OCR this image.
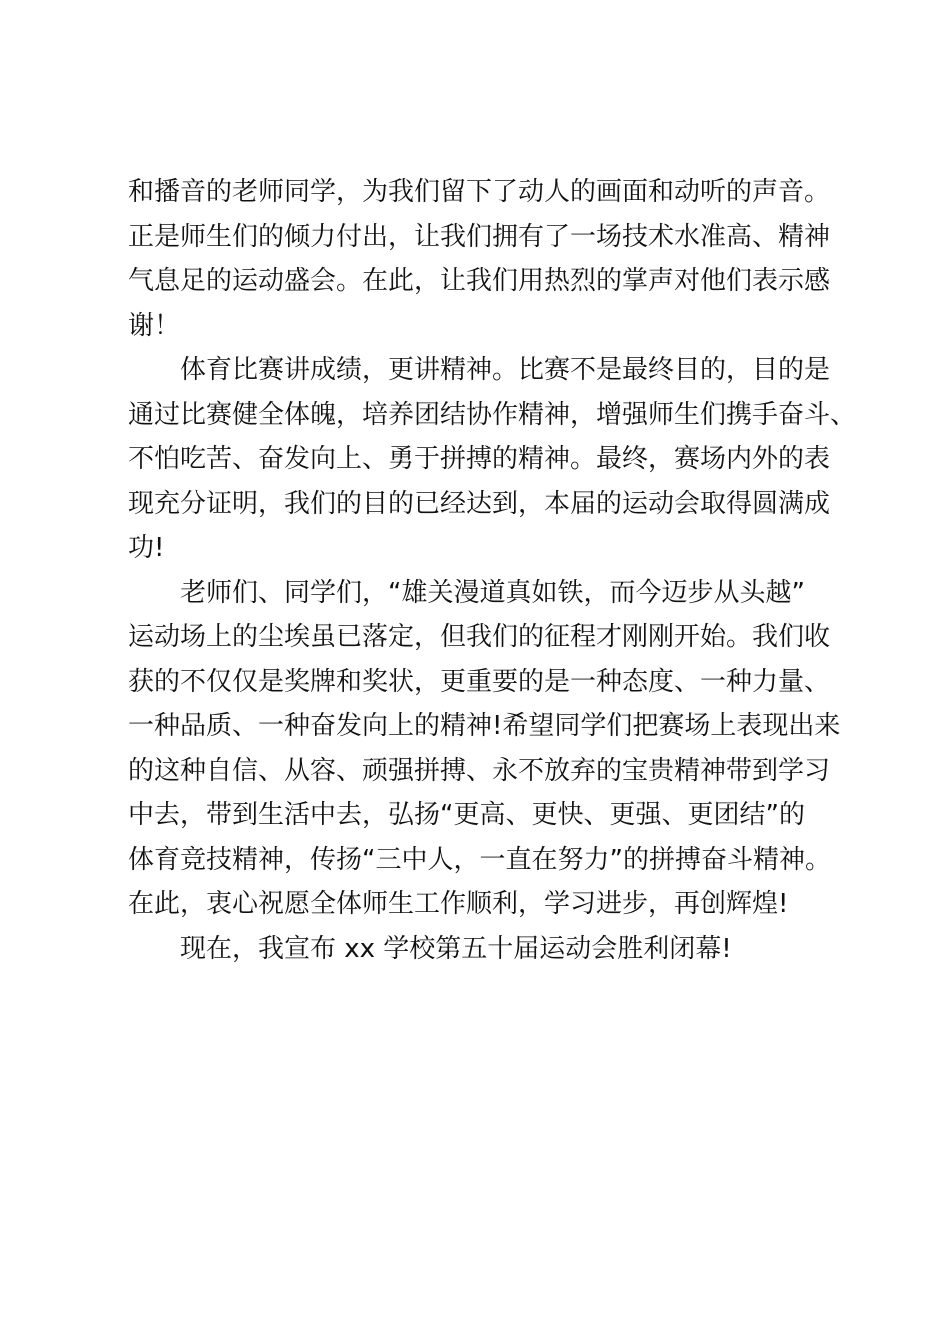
和播音的老师同学，为我们留下了动人的画面和动听的声音。
正是师生们的倾力付出，让我们拥有了一场技术水准高、精神
气息足的运动盛会。在此，让我们用热烈的掌声对他们表示感
谢！
体育比赛讲成绩，更讲精神。比赛不是最终目的，目的是
通过比赛健全体魄，培养团结协作精神，增强师生们携手奋斗、
不怕吃苦、奋发向上、勇于拼搏的精神。最终，赛场内外的表
现充分证明，我们的目的已经达到，本届的运动会取得圆满成
功!
老师们、同学们，“雄关漫道真如铁，而今迈步从头越”
运动场上的尘埃虽已落定，但我们的征程才刚刚开始。我们收
获的不仅仅是奖牌和奖状，更重要的是一种态度、一种力量、
一种品质、一种奋发向上的精神!希望同学们把赛场上表现出来
的这种自信、从容、顽强拼搏、永不放弃的宝贵精神带到学习
中去，带到生活中去，弘扬“更高、更快、更强、更团结”的
体育竞技精神，传扬“三中人，一直在努力”的拼搏奋斗精神。
在此，衷心祝愿全体师生工作顺利，学习进步，再创辉煌!
现在，我宣布 xx 学校第五十届运动会胜利闭幕!
